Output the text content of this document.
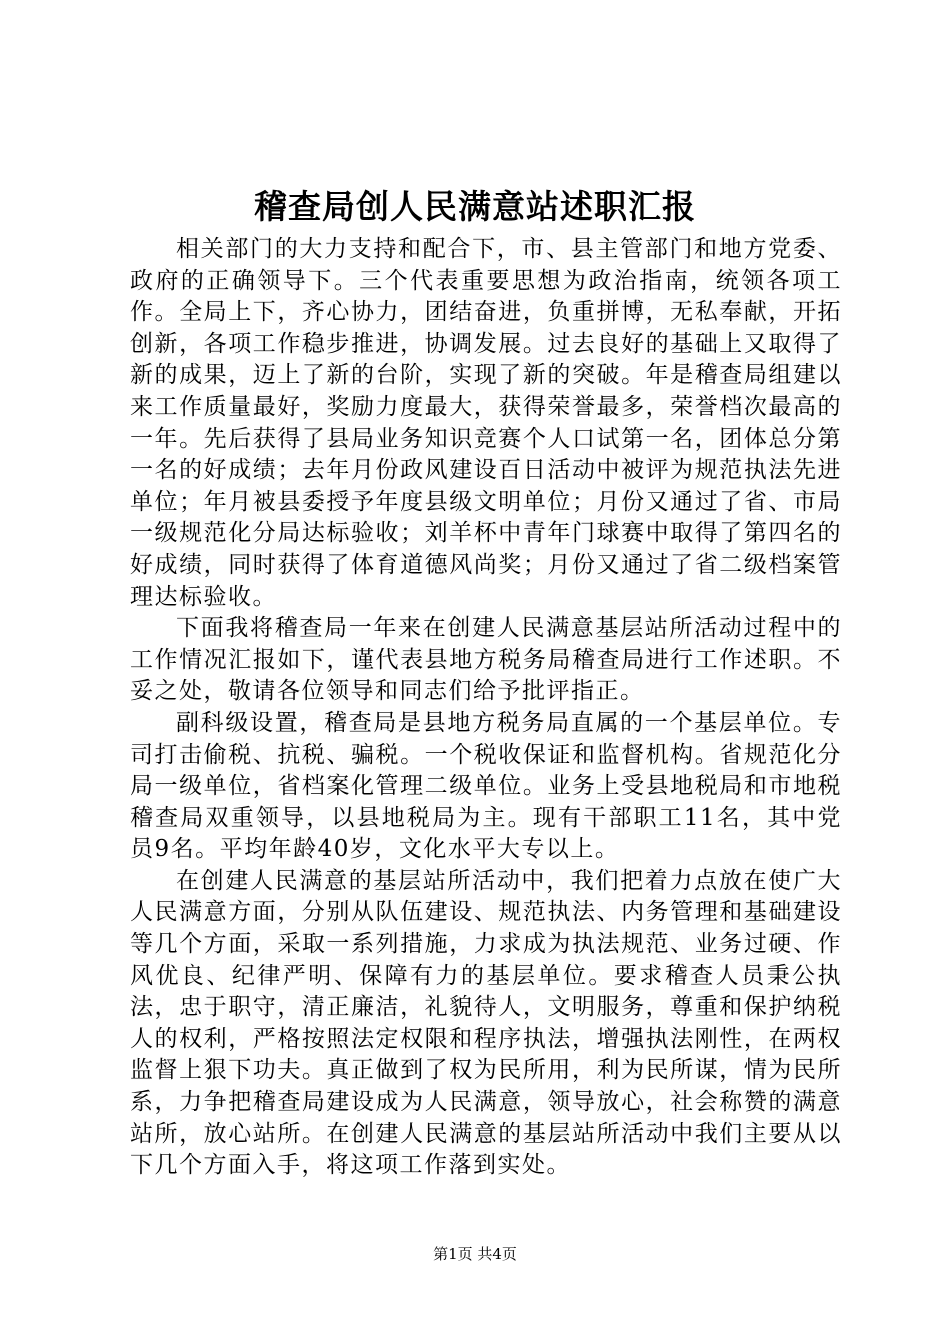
稽查局创人民满意站述职汇报

相关部门的大力支持和配合下，市、县主管部门和地方党委、政府的正确领导下。三个代表重要思想为政治指南，统领各项工作。全局上下，齐心协力，团结奋进，负重拼博，无私奉献，开拓创新，各项工作稳步推进，协调发展。过去良好的基础上又取得了新的成果，迈上了新的台阶，实现了新的突破。年是稽查局组建以来工作质量最好，奖励力度最大，获得荣誉最多，荣誉档次最高的一年。先后获得了县局业务知识竞赛个人口试第一名，团体总分第一名的好成绩；去年月份政风建设百日活动中被评为规范执法先进单位；年月被县委授予年度县级文明单位；月份又通过了省、市局一级规范化分局达标验收；刘羊杯中青年门球赛中取得了第四名的好成绩，同时获得了体育道德风尚奖；月份又通过了省二级档案管理达标验收。

下面我将稽查局一年来在创建人民满意基层站所活动过程中的工作情况汇报如下，谨代表县地方税务局稽查局进行工作述职。不妥之处，敬请各位领导和同志们给予批评指正。

副科级设置，稽查局是县地方税务局直属的一个基层单位。专司打击偷税、抗税、骗税。一个税收保证和监督机构。省规范化分局一级单位，省档案化管理二级单位。业务上受县地税局和市地税稽查局双重领导，以县地税局为主。现有干部职工11名，其中党员9名。平均年龄40岁，文化水平大专以上。

在创建人民满意的基层站所活动中，我们把着力点放在使广大人民满意方面，分别从队伍建设、规范执法、内务管理和基础建设等几个方面，采取一系列措施，力求成为执法规范、业务过硬、作风优良、纪律严明、保障有力的基层单位。要求稽查人员秉公执法，忠于职守，清正廉洁，礼貌待人，文明服务，尊重和保护纳税人的权利，严格按照法定权限和程序执法，增强执法刚性，在两权监督上狠下功夫。真正做到了权为民所用，利为民所谋，情为民所系，力争把稽查局建设成为人民满意，领导放心，社会称赞的满意站所，放心站所。在创建人民满意的基层站所活动中我们主要从以下几个方面入手，将这项工作落到实处。

第1页 共4页
